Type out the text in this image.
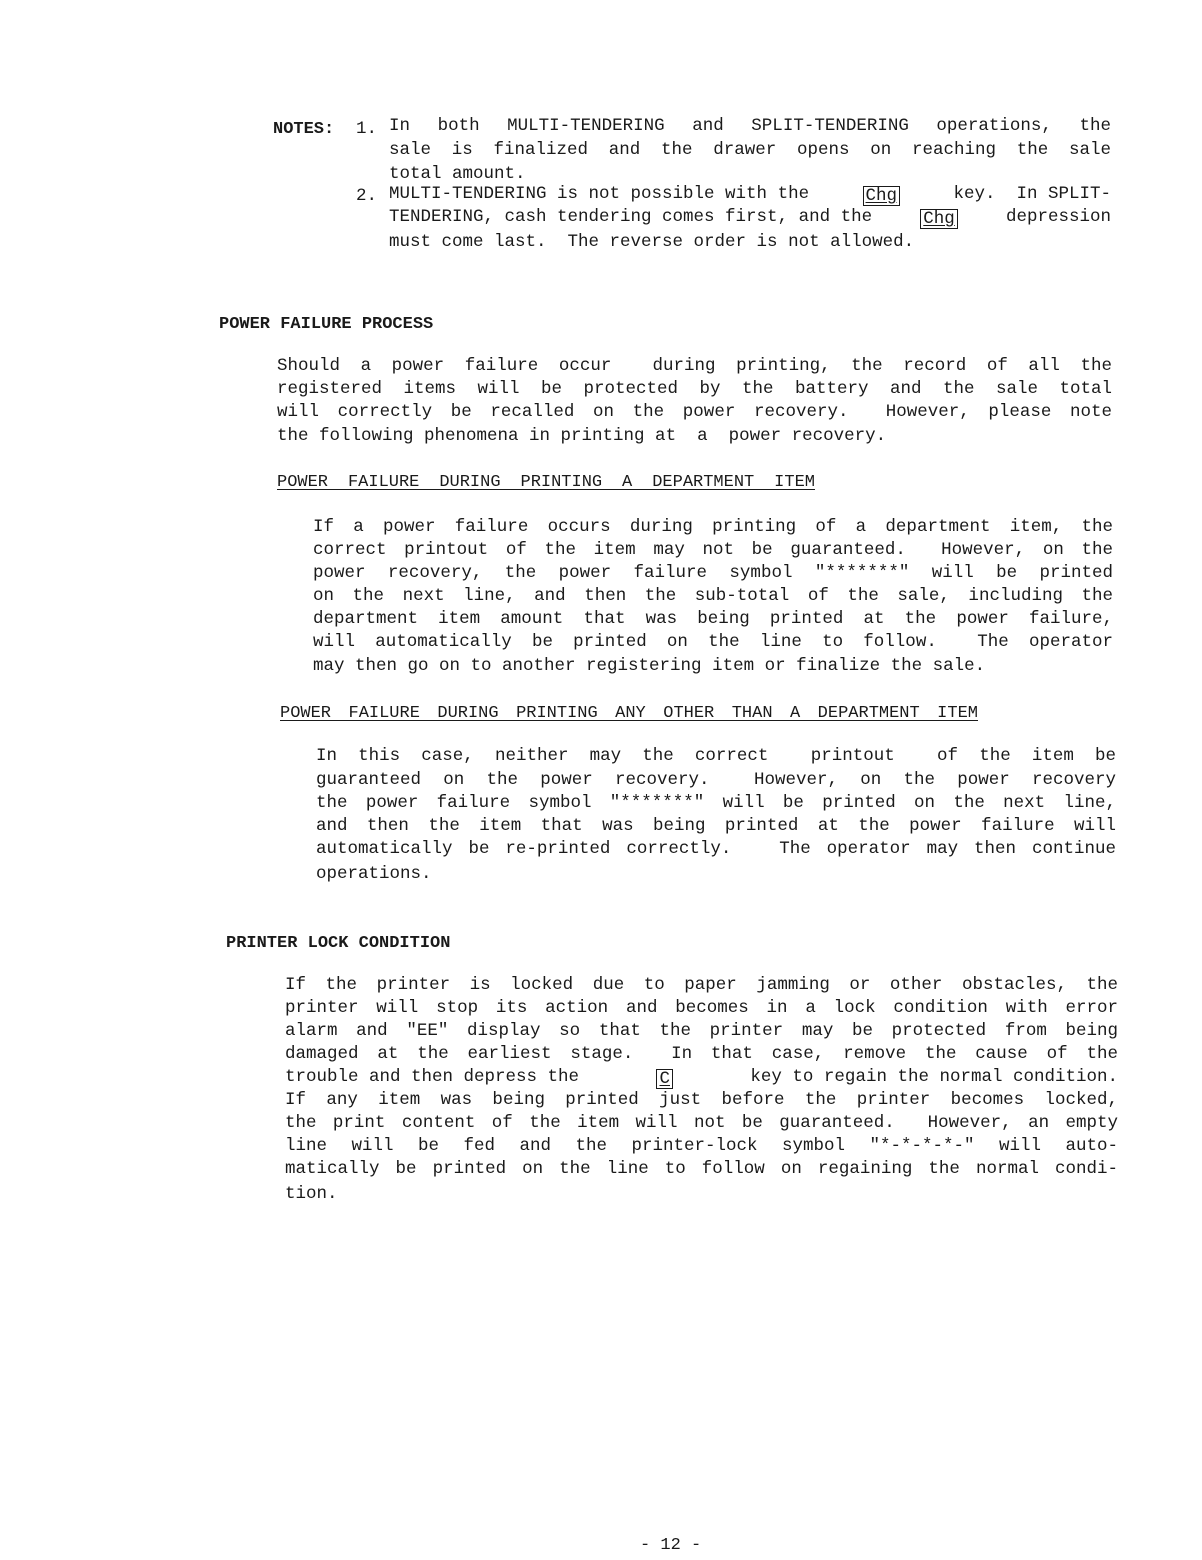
NOTES: 1. In both MULTI-TENDERING and SPLIT-TENDERING operations, the
sale is finalized and the drawer opens on reaching the sale
total amount.
2. MULTI-TENDERING is not possible with the	Chg	key.  In SPLIT-
TENDERING, cash tendering comes first, and the	Chg	depression
must come last.  The reverse order is not allowed.
POWER FAILURE PROCESS
Should a power failure occur  during printing, the record of all the
registered items will be protected by the battery and the sale total
will correctly be recalled on the power recovery.  However, please note
the following phenomena in printing at  a  power recovery.
POWER FAILURE DURING PRINTING A DEPARTMENT ITEM
If a power failure occurs during printing of a department item, the
correct printout of the item may not be guaranteed.  However, on the
power recovery, the power failure symbol "*******" will be printed
on the next line, and then the sub-total of the sale, including the
department item amount that was being printed at the power failure,
will automatically be printed on the line to follow.  The operator
may then go on to another registering item or finalize the sale.
POWER FAILURE DURING PRINTING ANY OTHER THAN A DEPARTMENT ITEM
In this case, neither may the correct  printout  of the item be
guaranteed on the power recovery.  However, on the power recovery
the power failure symbol "*******" will be printed on the next line,
and then the item that was being printed at the power failure will
automatically be re-printed correctly.   The operator may then continue
operations.
PRINTER LOCK CONDITION
If the printer is locked due to paper jamming or other obstacles, the
printer will stop its action and becomes in a lock condition with error
alarm and "EE" display so that the printer may be protected from being
damaged at the earliest stage.  In that case, remove the cause of the
trouble and then depress the	C	key to regain the normal condition.
If any item was being printed just before the printer becomes locked,
the print content of the item will not be guaranteed.  However, an empty
line will be fed and the printer-lock symbol "*-*-*-*-" will auto-
matically be printed on the line to follow on regaining the normal condi-
tion.
- 12 -
